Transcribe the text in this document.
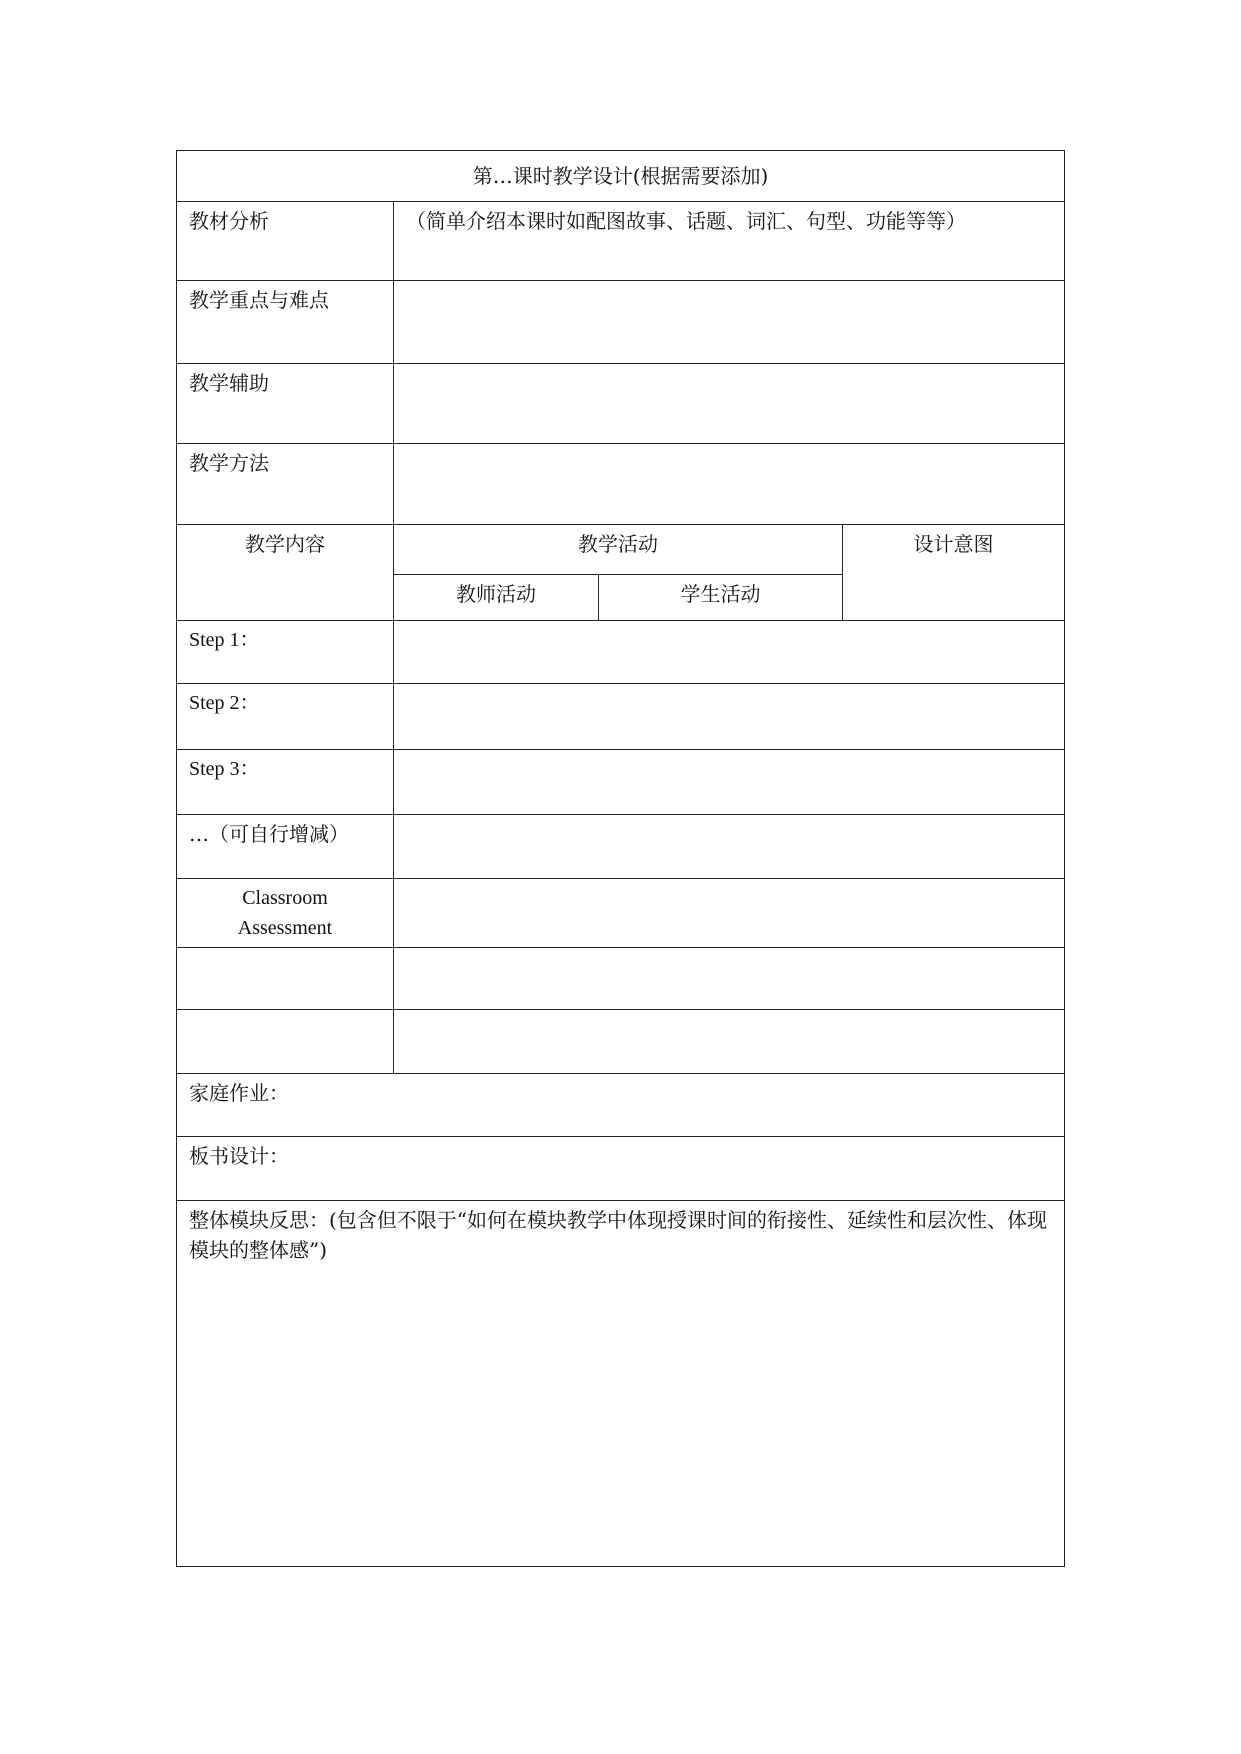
第…课时教学设计(根据需要添加)			
教材分析	（简单介绍本课时如配图故事、话题、词汇、句型、功能等等）		
教学重点与难点			
教学辅助			
教学方法			
教学内容	教学活动		设计意图
	教师活动	学生活动	
Step 1：			
Step 2：			
Step 3：			
…（可自行增减）			

Classroom
Assessment			

家庭作业：			
板书设计：			
整体模块反思：(包含但不限于“如何在模块教学中体现授课时间的衔接性、延续性和层次性、体现模块的整体感”)			
